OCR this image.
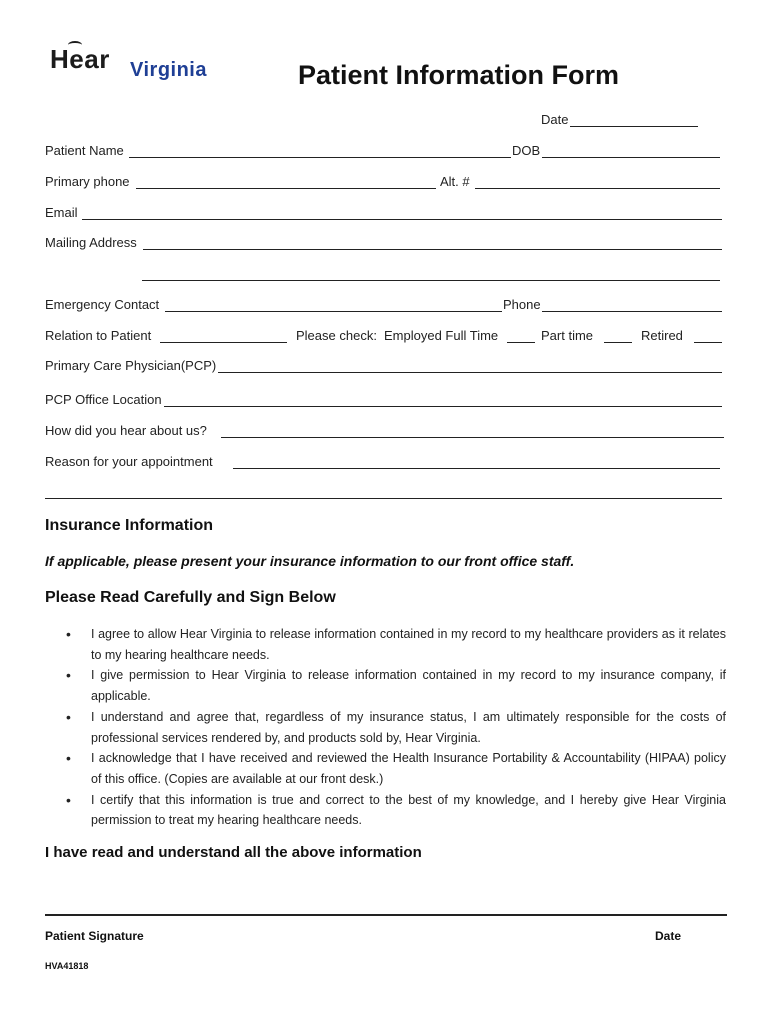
Hear Virginia	Patient Information Form
Date
Patient Name	DOB
Primary phone	Alt. #
Email
Mailing Address
Emergency Contact	Phone
Relation to Patient	Please check: Employed Full Time	Part time	Retired
Primary Care Physician(PCP)
PCP Office Location
How did you hear about us?
Reason for your appointment
Insurance Information
If applicable, please present your insurance information to our front office staff.
Please Read Carefully and Sign Below
• I agree to allow Hear Virginia to release information contained in my record to my healthcare providers as it relates to my hearing healthcare needs.
• I give permission to Hear Virginia to release information contained in my record to my insurance company, if applicable.
• I understand and agree that, regardless of my insurance status, I am ultimately responsible for the costs of professional services rendered by, and products sold by, Hear Virginia.
• I acknowledge that I have received and reviewed the Health Insurance Portability & Accountability (HIPAA) policy of this office. (Copies are available at our front desk.)
• I certify that this information is true and correct to the best of my knowledge, and I hereby give Hear Virginia permission to treat my hearing healthcare needs.
I have read and understand all the above information
Patient Signature	Date
HVA41818
